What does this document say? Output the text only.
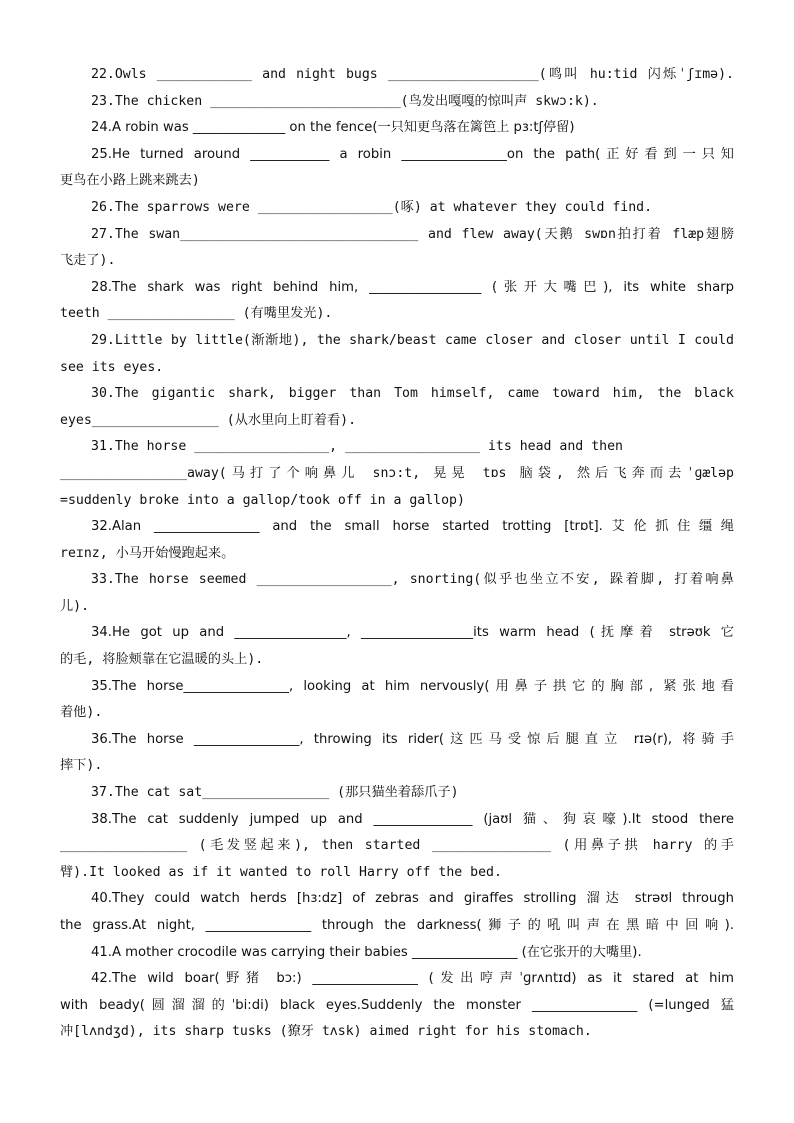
22.Owls ____________ and night bugs ___________________(鸣叫 hu:tid 闪烁ˈʃɪmə).
23.The chicken ________________________(鸟发出嘎嘎的惊叫声 skwɔ:k).
24.A robin was ______________ on the fence(一只知更鸟落在篱笆上 pɜ:tʃ停留)
25.He turned around ____________ a robin ________________on the path(正好看到一只知
更鸟在小路上跳来跳去)
26.The sparrows were _________________(啄) at whatever they could find.
27.The swan______________________________ and flew away(天鹅 swɒn拍打着 flæp翅膀
飞走了).
28.The shark was right behind him, _________________ (张开大嘴巴), its white sharp
teeth ________________ (有嘴里发光).
29.Little by little(渐渐地), the shark/beast came closer and closer until I could
see its eyes.
30.The gigantic shark, bigger than Tom himself, came toward him, the black
eyes________________ (从水里向上盯着看).
31.The horse _________________, _________________ its head and then
________________away(马打了个响鼻儿 snɔ:t, 晃晃 tɒs 脑袋, 然后飞奔而去ˈɡæləp
=suddenly broke into a gallop/took off in a gallop)
32.Alan ________________ and the small horse started trotting [trɒt].艾伦抓住缰绳
reɪnz, 小马开始慢跑起来。
33.The horse seemed _________________, snorting(似乎也坐立不安, 跺着脚, 打着响鼻
儿).
34.He got up and _________________, _________________its warm head (抚摩着 strəʊk 它
的毛, 将脸颊靠在它温暖的头上).
35.The horse________________, looking at him nervously(用鼻子拱它的胸部, 紧张地看
着他).
36.The horse ________________, throwing its rider(这匹马受惊后腿直立 rɪə(r), 将骑手
摔下).
37.The cat sat________________ (那只猫坐着舔爪子)
38.The cat suddenly jumped up and _______________ (jaʊl 猫、狗哀嚎).It stood there
________________ (毛发竖起来), then started _______________ (用鼻子拱 harry 的手
臂).It looked as if it wanted to roll Harry off the bed.
40.They could watch herds [hɜ:dz] of zebras and giraffes strolling 溜达 strəʊl through
the grass.At night, ________________ through the darkness(狮子的吼叫声在黑暗中回响).
41.A mother crocodile was carrying their babies ________________ (在它张开的大嘴里).
42.The wild boar(野猪 bɔ:) ________________ (发出哼声ˈɡrʌntɪd) as it stared at him
with beady(圆溜溜的ˈbi:di) black eyes.Suddenly the monster ________________ (=lunged 猛
冲[lʌndʒd), its sharp tusks (獠牙 tʌsk) aimed right for his stomach.
